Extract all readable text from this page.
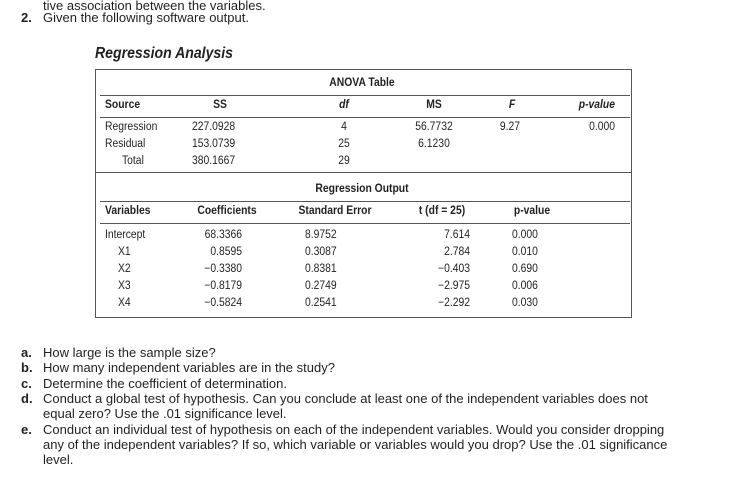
tive association between the variables.
2. Given the following software output.
Regression Analysis
ANOVA Table
Source	SS	df	MS	F	p-value
Regression	227.0928	4	56.7732	9.27	0.000
Residual	153.0739	25	6.1230
Total	380.1667	29
Regression Output
Variables	Coefficients	Standard Error	t (df = 25)	p-value
Intercept	68.3366	8.9752	7.614	0.000
X1	0.8595	0.3087	2.784	0.010
X2	−0.3380	0.8381	−0.403	0.690
X3	−0.8179	0.2749	−2.975	0.006
X4	−0.5824	0.2541	−2.292	0.030
a. How large is the sample size?
b. How many independent variables are in the study?
c. Determine the coefficient of determination.
d. Conduct a global test of hypothesis. Can you conclude at least one of the independent variables does not
equal zero? Use the .01 significance level.
e. Conduct an individual test of hypothesis on each of the independent variables. Would you consider dropping
any of the independent variables? If so, which variable or variables would you drop? Use the .01 significance
level.
